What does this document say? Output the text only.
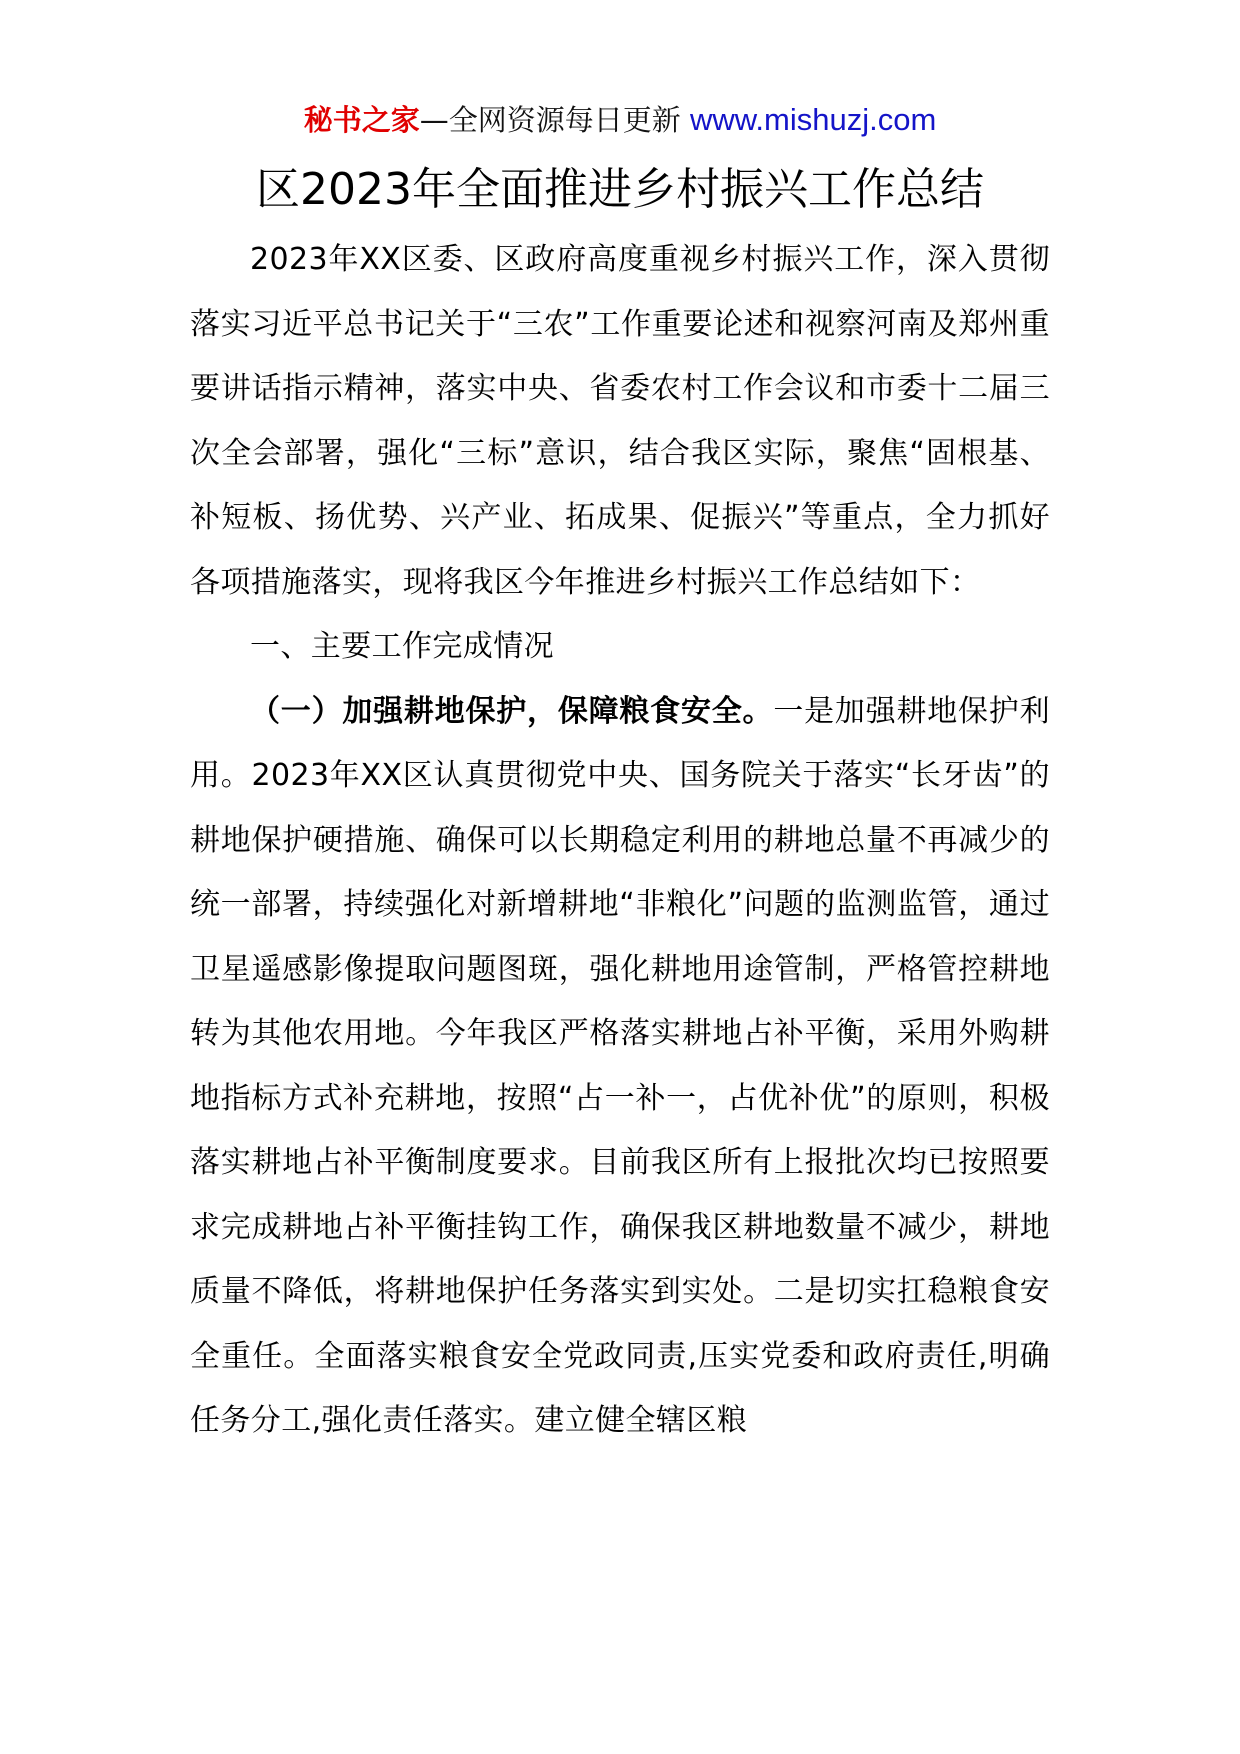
秘书之家—全网资源每日更新 www.mishuzj.com
区2023年全面推进乡村振兴工作总结

2023年XX区委、区政府高度重视乡村振兴工作，深入贯彻落实习近平总书记关于“三农”工作重要论述和视察河南及郑州重要讲话指示精神，落实中央、省委农村工作会议和市委十二届三次全会部署，强化“三标”意识，结合我区实际，聚焦“固根基、补短板、扬优势、兴产业、拓成果、促振兴”等重点，全力抓好各项措施落实，现将我区今年推进乡村振兴工作总结如下：

一、主要工作完成情况

（一）加强耕地保护，保障粮食安全。一是加强耕地保护利用。2023年XX区认真贯彻党中央、国务院关于落实“长牙齿”的耕地保护硬措施、确保可以长期稳定利用的耕地总量不再减少的统一部署，持续强化对新增耕地“非粮化”问题的监测监管，通过卫星遥感影像提取问题图斑，强化耕地用途管制，严格管控耕地转为其他农用地。今年我区严格落实耕地占补平衡，采用外购耕地指标方式补充耕地，按照“占一补一，占优补优”的原则，积极落实耕地占补平衡制度要求。目前我区所有上报批次均已按照要求完成耕地占补平衡挂钩工作，确保我区耕地数量不减少，耕地质量不降低，将耕地保护任务落实到实处。二是切实扛稳粮食安全重任。全面落实粮食安全党政同责,压实党委和政府责任,明确任务分工,强化责任落实。建立健全辖区粮
